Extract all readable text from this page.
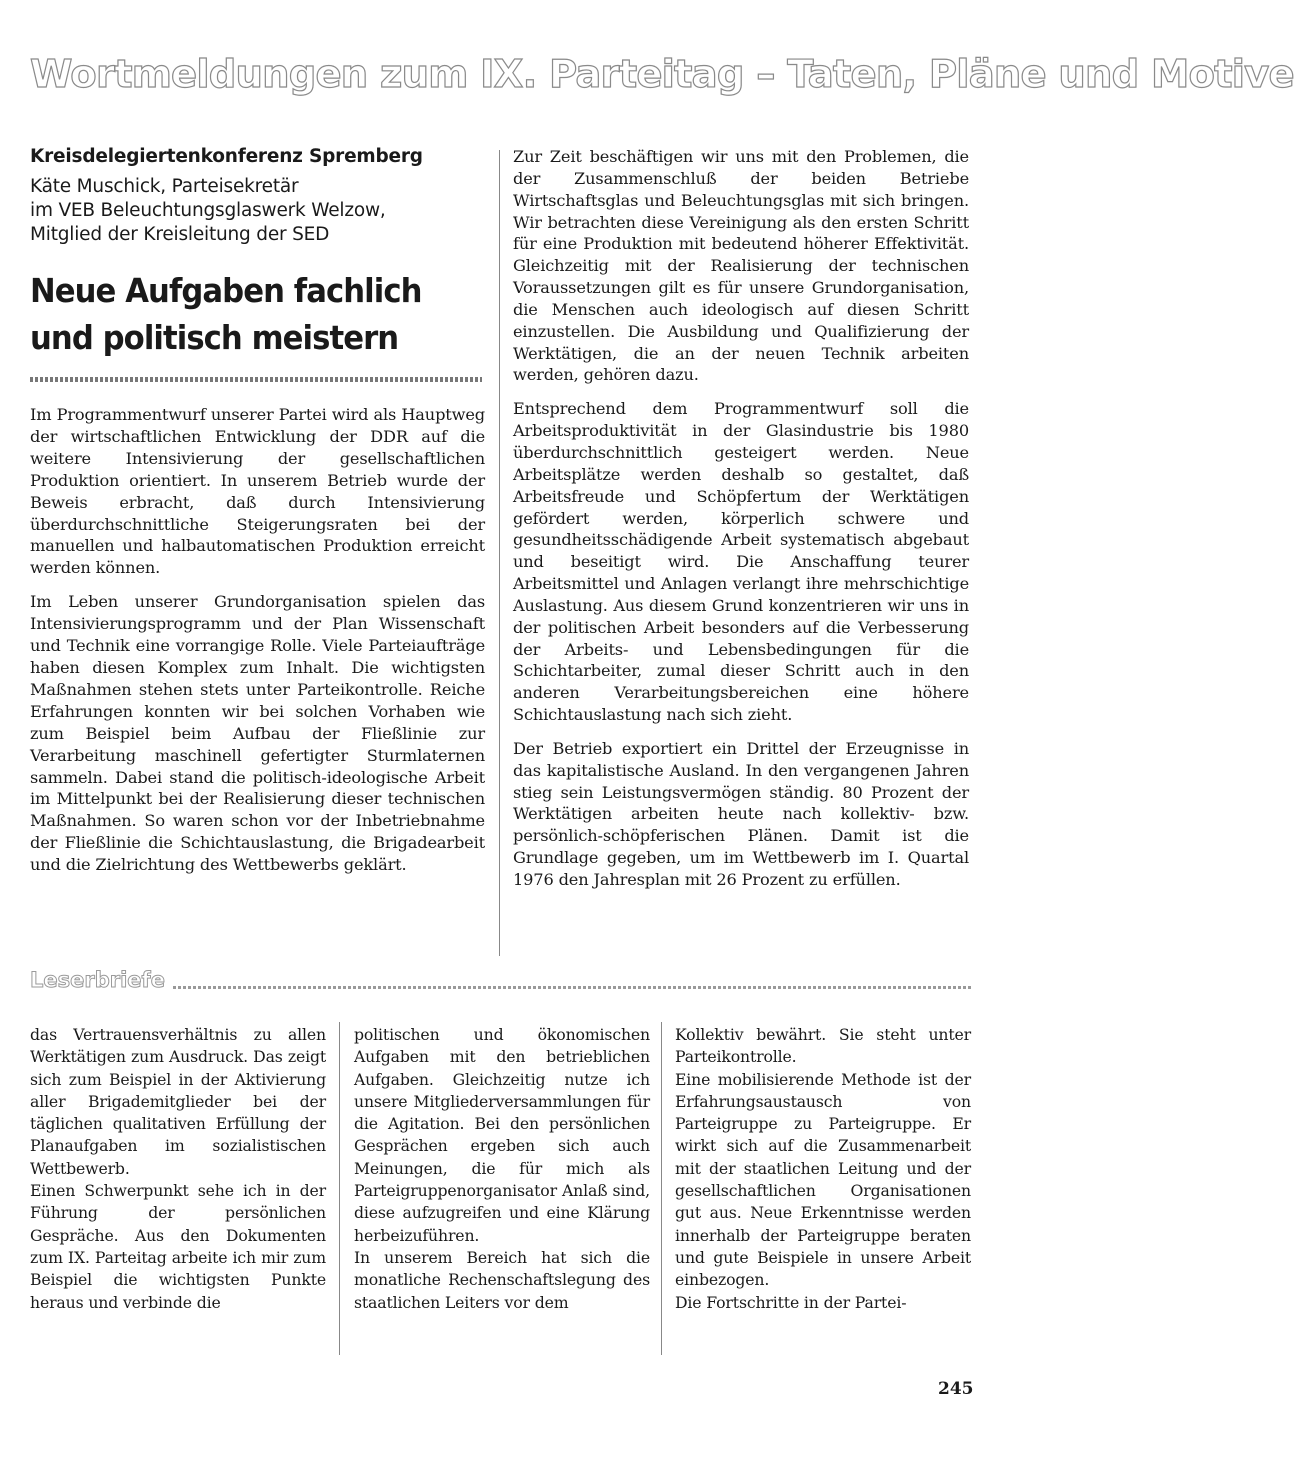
Wortmeldungen zum IX. Parteitag – Taten, Pläne und Motive
Kreisdelegiertenkonferenz Spremberg
Käte Muschick, Parteisekretär
im VEB Beleuchtungsglaswerk Welzow,
Mitglied der Kreisleitung der SED
Neue Aufgaben fachlich
und politisch meistern

Im Programmentwurf unserer Partei wird als Hauptweg der wirtschaftlichen Entwicklung der DDR auf die weitere Intensivierung der gesellschaftlichen Produktion orientiert. In unserem Betrieb wurde der Beweis erbracht, daß durch Intensivierung überdurchschnittliche Steigerungsraten bei der manuellen und halbautomatischen Produktion erreicht werden können.

Im Leben unserer Grundorganisation spielen das Intensivierungsprogramm und der Plan Wissenschaft und Technik eine vorrangige Rolle. Viele Parteiaufträge haben diesen Komplex zum Inhalt. Die wichtigsten Maßnahmen stehen stets unter Parteikontrolle. Reiche Erfahrungen konnten wir bei solchen Vorhaben wie zum Beispiel beim Aufbau der Fließlinie zur Verarbeitung maschinell gefertigter Sturmlaternen sammeln. Dabei stand die politisch-ideologische Arbeit im Mittelpunkt bei der Realisierung dieser technischen Maßnahmen. So waren schon vor der Inbetriebnahme der Fließlinie die Schichtauslastung, die Brigadearbeit und die Zielrichtung des Wettbewerbs geklärt.

Zur Zeit beschäftigen wir uns mit den Problemen, die der Zusammenschluß der beiden Betriebe Wirtschaftsglas und Beleuchtungsglas mit sich bringen. Wir betrachten diese Vereinigung als den ersten Schritt für eine Produktion mit bedeutend höherer Effektivität. Gleichzeitig mit der Realisierung der technischen Voraussetzungen gilt es für unsere Grundorganisation, die Menschen auch ideologisch auf diesen Schritt einzustellen. Die Ausbildung und Qualifizierung der Werktätigen, die an der neuen Technik arbeiten werden, gehören dazu.

Entsprechend dem Programmentwurf soll die Arbeitsproduktivität in der Glasindustrie bis 1980 überdurchschnittlich gesteigert werden. Neue Arbeitsplätze werden deshalb so gestaltet, daß Arbeitsfreude und Schöpfertum der Werktätigen gefördert werden, körperlich schwere und gesundheitsschädigende Arbeit systematisch abgebaut und beseitigt wird. Die Anschaffung teurer Arbeitsmittel und Anlagen verlangt ihre mehrschichtige Auslastung. Aus diesem Grund konzentrieren wir uns in der politischen Arbeit besonders auf die Verbesserung der Arbeits- und Lebensbedingungen für die Schichtarbeiter, zumal dieser Schritt auch in den anderen Verarbeitungsbereichen eine höhere Schichtauslastung nach sich zieht.

Der Betrieb exportiert ein Drittel der Erzeugnisse in das kapitalistische Ausland. In den vergangenen Jahren stieg sein Leistungsvermögen ständig. 80 Prozent der Werktätigen arbeiten heute nach kollektiv- bzw. persönlich-schöpferischen Plänen. Damit ist die Grundlage gegeben, um im Wettbewerb im I. Quartal 1976 den Jahresplan mit 26 Prozent zu erfüllen.

Leserbriefe

das Vertrauensverhältnis zu allen Werktätigen zum Ausdruck. Das zeigt sich zum Beispiel in der Aktivierung aller Brigademitglieder bei der täglichen qualitativen Erfüllung der Planaufgaben im sozialistischen Wettbewerb.

Einen Schwerpunkt sehe ich in der Führung der persönlichen Gespräche. Aus den Dokumenten zum IX. Parteitag arbeite ich mir zum Beispiel die wichtigsten Punkte heraus und verbinde die

politischen und ökonomischen Aufgaben mit den betrieblichen Aufgaben. Gleichzeitig nutze ich unsere Mitgliederversammlungen für die Agitation. Bei den persönlichen Gesprächen ergeben sich auch Meinungen, die für mich als Parteigruppenorganisator Anlaß sind, diese aufzugreifen und eine Klärung herbeizuführen.

In unserem Bereich hat sich die monatliche Rechenschaftslegung des staatlichen Leiters vor dem

Kollektiv bewährt. Sie steht unter Parteikontrolle.

Eine mobilisierende Methode ist der Erfahrungsaustausch von Parteigruppe zu Parteigruppe. Er wirkt sich auf die Zusammenarbeit mit der staatlichen Leitung und der gesellschaftlichen Organisationen gut aus. Neue Erkenntnisse werden innerhalb der Parteigruppe beraten und gute Beispiele in unsere Arbeit einbezogen.

Die Fortschritte in der Partei-

245
